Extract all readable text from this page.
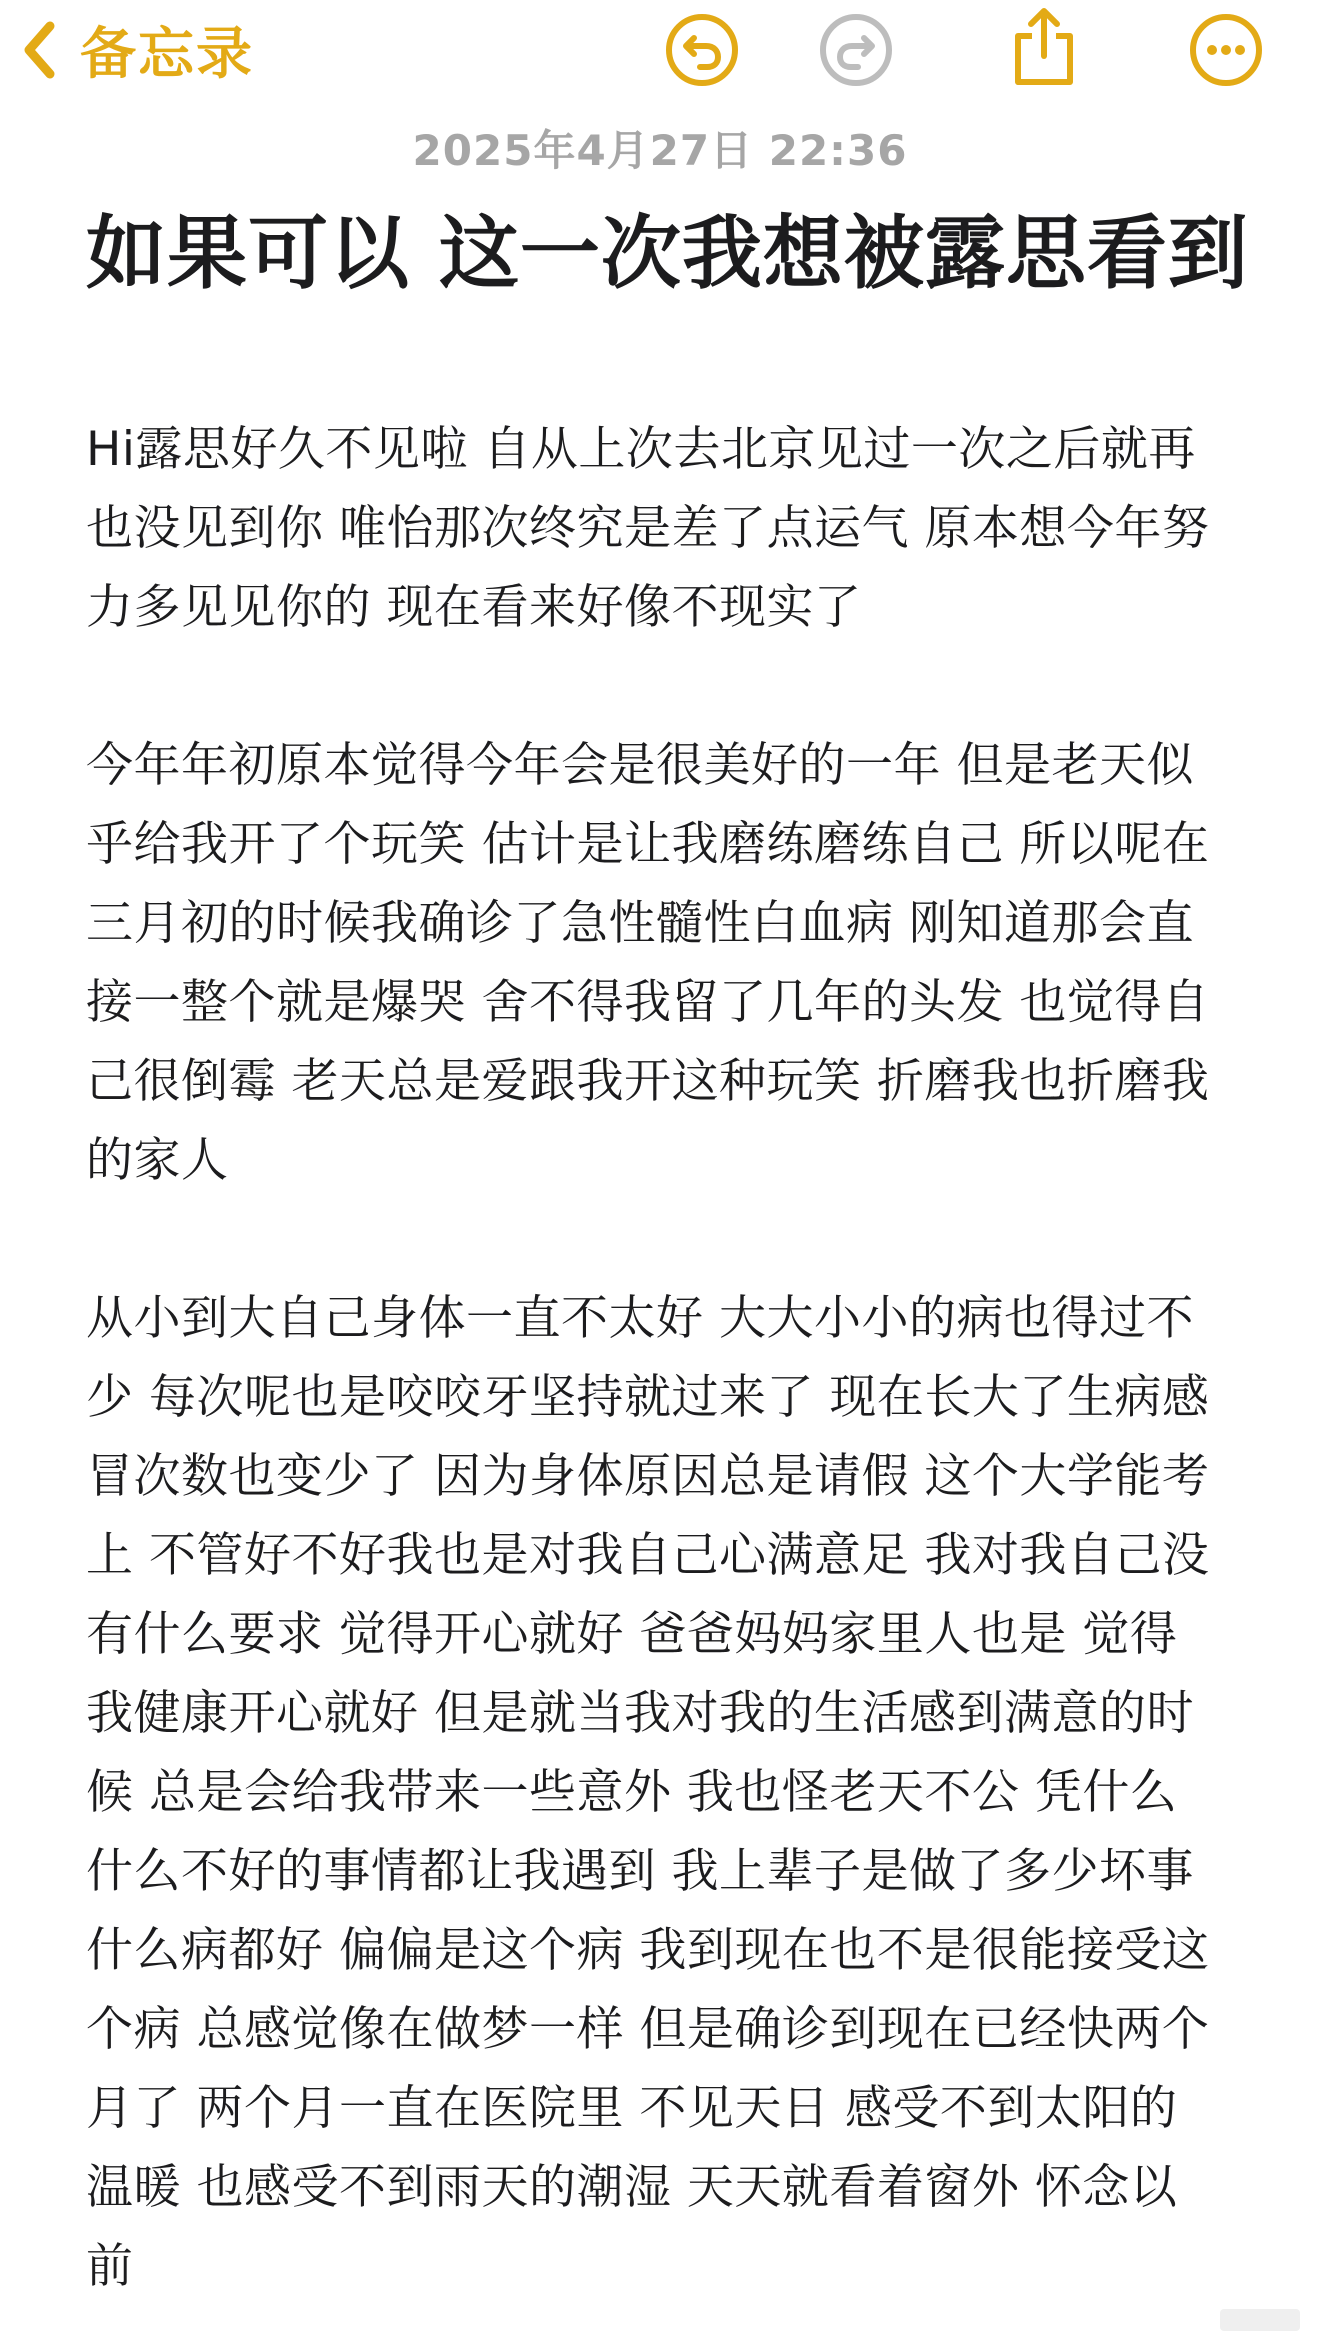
备忘录
2025年4月27日 22:36
如果可以 这一次我想被露思看到

Hi露思好久不见啦 自从上次去北京见过一次之后就再
也没见到你 唯怡那次终究是差了点运气 原本想今年努
力多见见你的 现在看来好像不现实了

今年年初原本觉得今年会是很美好的一年 但是老天似
乎给我开了个玩笑 估计是让我磨练磨练自己 所以呢在
三月初的时候我确诊了急性髓性白血病 刚知道那会直
接一整个就是爆哭 舍不得我留了几年的头发 也觉得自
己很倒霉 老天总是爱跟我开这种玩笑 折磨我也折磨我
的家人

从小到大自己身体一直不太好 大大小小的病也得过不
少 每次呢也是咬咬牙坚持就过来了 现在长大了生病感
冒次数也变少了 因为身体原因总是请假 这个大学能考
上 不管好不好我也是对我自己心满意足 我对我自己没
有什么要求 觉得开心就好 爸爸妈妈家里人也是 觉得
我健康开心就好 但是就当我对我的生活感到满意的时
候 总是会给我带来一些意外 我也怪老天不公 凭什么
什么不好的事情都让我遇到 我上辈子是做了多少坏事
什么病都好 偏偏是这个病 我到现在也不是很能接受这
个病 总感觉像在做梦一样 但是确诊到现在已经快两个
月了 两个月一直在医院里 不见天日 感受不到太阳的
温暖 也感受不到雨天的潮湿 天天就看着窗外 怀念以
前
